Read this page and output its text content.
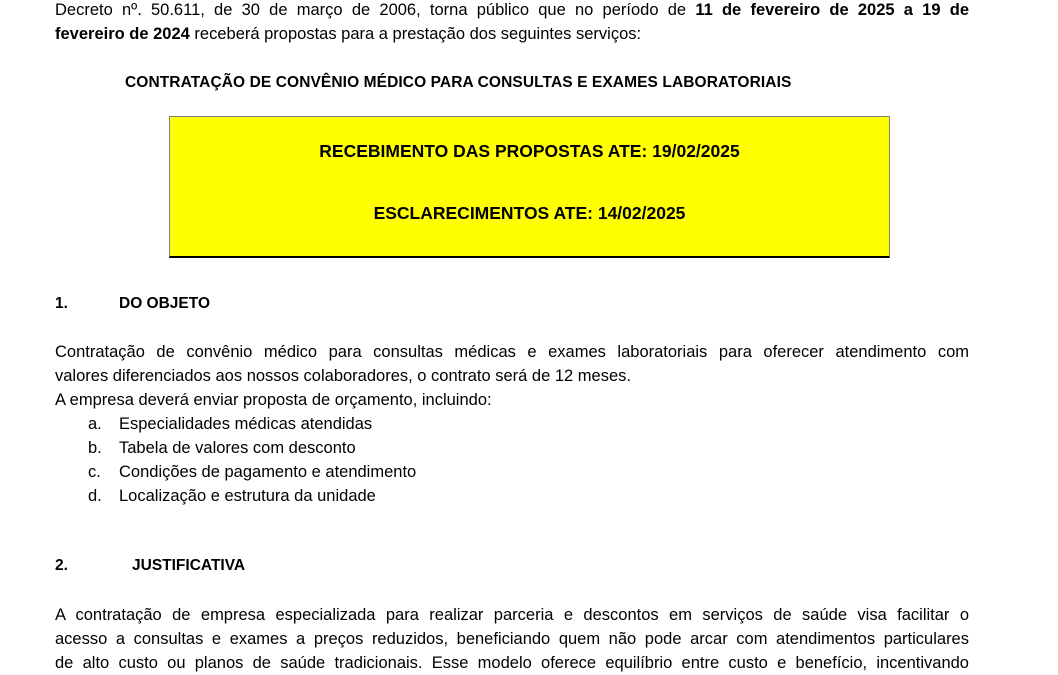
Decreto nº. 50.611, de 30 de março de 2006, torna público que no período de 11 de fevereiro de 2025 a 19 de
fevereiro de 2024 receberá propostas para a prestação dos seguintes serviços:
CONTRATAÇÃO DE CONVÊNIO MÉDICO PARA CONSULTAS E EXAMES LABORATORIAIS
RECEBIMENTO DAS PROPOSTAS ATE: 19/02/2025
ESCLARECIMENTOS ATE: 14/02/2025
1.	DO OBJETO
Contratação de convênio médico para consultas médicas e exames laboratoriais para oferecer atendimento com
valores diferenciados aos nossos colaboradores, o contrato será de 12 meses.
A empresa deverá enviar proposta de orçamento, incluindo:
a. Especialidades médicas atendidas
b. Tabela de valores com desconto
c. Condições de pagamento e atendimento
d. Localização e estrutura da unidade
2.	JUSTIFICATIVA
A contratação de empresa especializada para realizar parceria e descontos em serviços de saúde visa facilitar o
acesso a consultas e exames a preços reduzidos, beneficiando quem não pode arcar com atendimentos particulares
de alto custo ou planos de saúde tradicionais. Esse modelo oferece equilíbrio entre custo e benefício, incentivando
